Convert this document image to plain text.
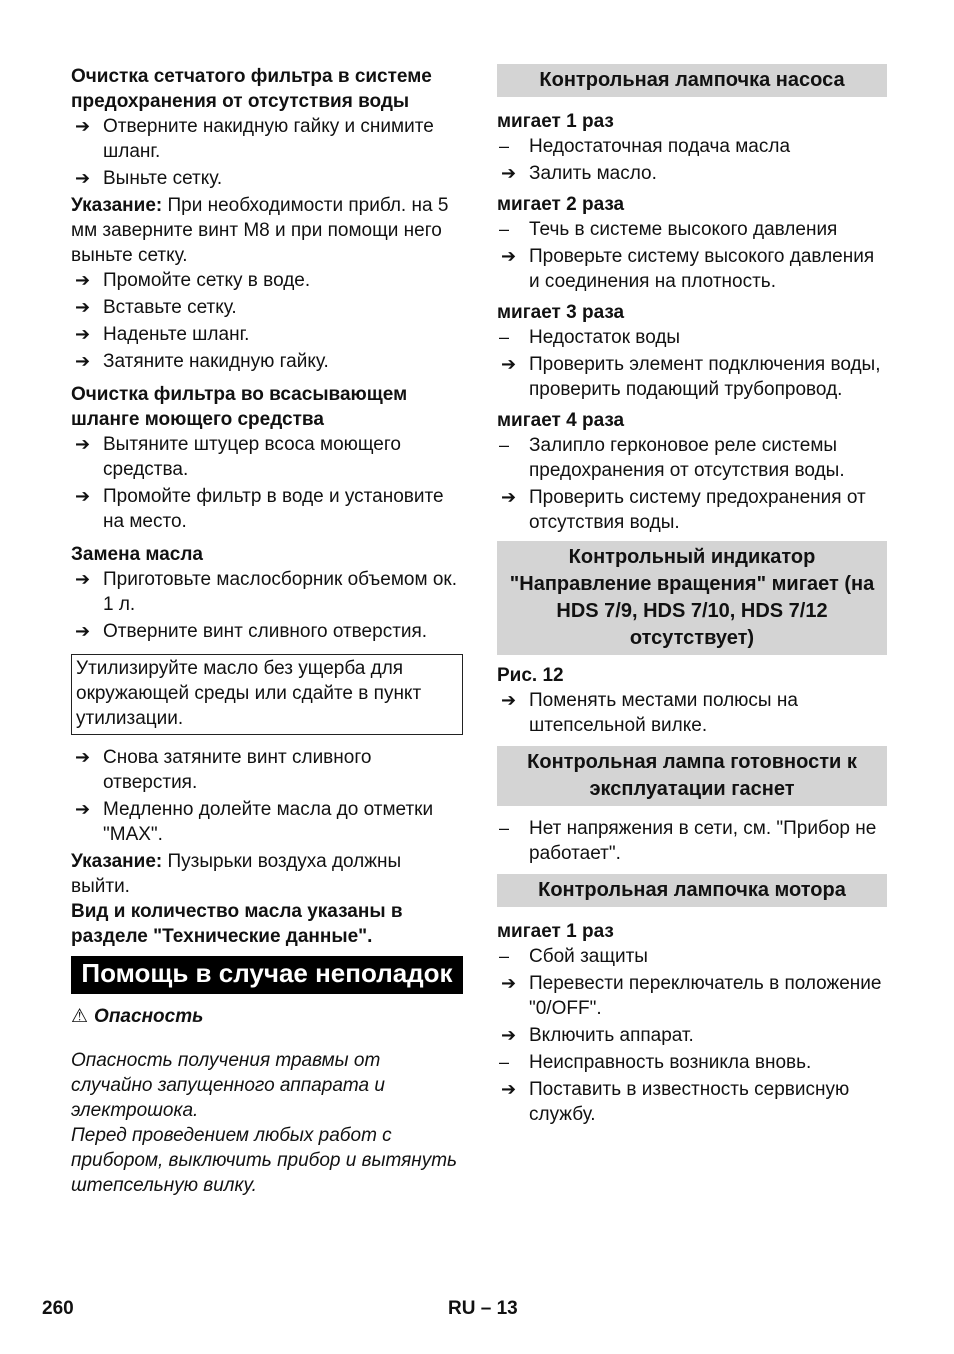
Очистка сетчатого фильтра в системе предохранения от отсутствия воды

➔ Отверните накидную гайку и снимите шланг.
➔ Выньте сетку.

Указание: При необходимости прибл. на 5 мм заверните винт M8 и при помощи него выньте сетку.

➔ Промойте сетку в воде.
➔ Вставьте сетку.
➔ Наденьте шланг.
➔ Затяните накидную гайку.

Очистка фильтра во всасывающем шланге моющего средства

➔ Вытяните штуцер всоса моющего средства.
➔ Промойте фильтр в воде и установите на место.

Замена масла

➔ Приготовьте маслосборник объемом ок. 1 л.
➔ Отверните винт сливного отверстия.
Утилизируйте масло без ущерба для окружающей среды или сдайте в пункт утилизации.
➔ Снова затяните винт сливного отверстия.
➔ Медленно долейте масла до отметки "MAX".

Указание: Пузырьки воздуха должны выйти.

Вид и количество масла указаны в разделе "Технические данные".

Помощь в случае неполадок

⚠ Опасность

Опасность получения травмы от случайно запущенного аппарата и электрошока.

Перед проведением любых работ с прибором, выключить прибор и вытянуть штепсельную вилку.

Контрольная лампочка насоса

мигает 1 раз

– Недостаточная подача масла
➔ Залить масло.

мигает 2 раза

– Течь в системе высокого давления
➔ Проверьте систему высокого давления и соединения на плотность.

мигает 3 раза

– Недостаток воды
➔ Проверить элемент подключения воды, проверить подающий трубопровод.

мигает 4 раза

– Залипло герконовое реле системы предохранения от отсутствия воды.
➔ Проверить систему предохранения от отсутствия воды.
Контрольный индикатор "Направление вращения" мигает (на HDS 7/9, HDS 7/10, HDS 7/12 отсутствует)

Рис. 12

➔ Поменять местами полюсы на штепсельной вилке.
Контрольная лампа готовности к эксплуатации гаснет
– Нет напряжения в сети, см. "Прибор не работает".
Контрольная лампочка мотора

мигает 1 раз

– Сбой защиты
➔ Перевести переключатель в положение "0/OFF".
➔ Включить аппарат.
– Неисправность возникла вновь.
➔ Поставить в известность сервисную службу.
260	RU – 13
